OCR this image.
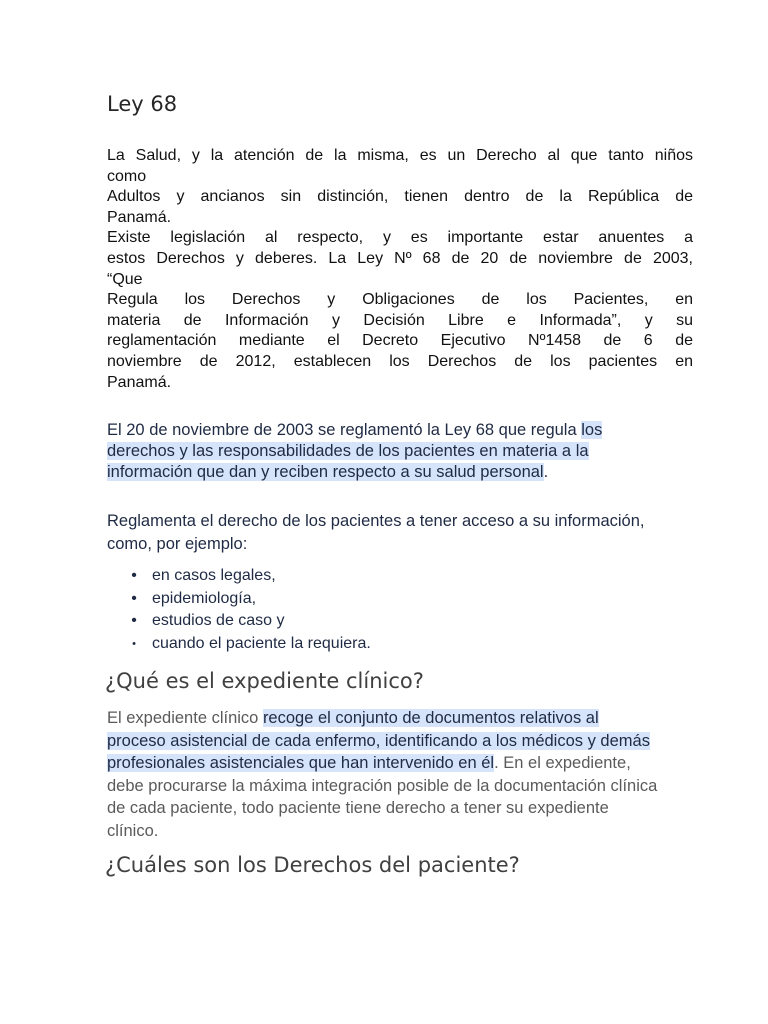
Ley 68
La Salud, y la atención de la misma, es un Derecho al que tanto niños
como
Adultos y ancianos sin distinción, tienen dentro de la República de
Panamá.
Existe legislación al respecto, y es importante estar anuentes a
estos Derechos y deberes. La Ley Nº 68 de 20 de noviembre de 2003,
“Que
Regula los Derechos y Obligaciones de los Pacientes, en
materia de Información y Decisión Libre e Informada”, y su
reglamentación mediante el Decreto Ejecutivo Nº1458 de 6 de
noviembre de 2012, establecen los Derechos de los pacientes en
Panamá.
El 20 de noviembre de 2003 se reglamentó la Ley 68 que regula los
derechos y las responsabilidades de los pacientes en materia a la
información que dan y reciben respecto a su salud personal.
Reglamenta el derecho de los pacientes a tener acceso a su información,
como, por ejemplo:
• en casos legales,
• epidemiología,
• estudios de caso y
• cuando el paciente la requiera.
¿Qué es el expediente clínico?
El expediente clínico recoge el conjunto de documentos relativos al
proceso asistencial de cada enfermo, identificando a los médicos y demás
profesionales asistenciales que han intervenido en él. En el expediente,
debe procurarse la máxima integración posible de la documentación clínica
de cada paciente, todo paciente tiene derecho a tener su expediente
clínico.
¿Cuáles son los Derechos del paciente?
